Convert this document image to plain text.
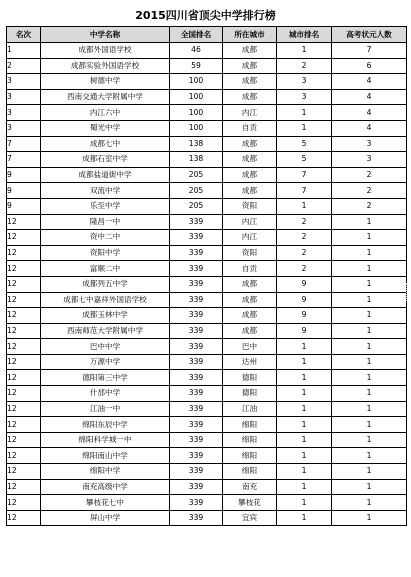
2015四川省顶尖中学排行榜
名次	中学名称	全国排名	所在城市	城市排名	高考状元人数
1	成都外国语学校	46	成都	1	7
2	成都实验外国语学校	59	成都	2	6
3	树德中学	100	成都	3	4
3	西南交通大学附属中学	100	成都	3	4
3	内江六中	100	内江	1	4
3	蜀光中学	100	自贡	1	4
7	成都七中	138	成都	5	3
7	成都石室中学	138	成都	5	3
9	成都盐道街中学	205	成都	7	2
9	双流中学	205	成都	7	2
9	乐至中学	205	资阳	1	2
12	隆昌一中	339	内江	2	1
12	资中二中	339	内江	2	1
12	资阳中学	339	资阳	2	1
12	富顺二中	339	自贡	2	1
12	成都列五中学	339	成都	9	1
12	成都七中嘉祥外国语学校	339	成都	9	1
12	成都玉林中学	339	成都	9	1
12	西南师范大学附属中学	339	成都	9	1
12	巴中中学	339	巴中	1	1
12	万源中学	339	达州	1	1
12	德阳第三中学	339	德阳	1	1
12	什邡中学	339	德阳	1	1
12	江油一中	339	江油	1	1
12	绵阳东辰中学	339	绵阳	1	1
12	绵阳科学城一中	339	绵阳	1	1
12	绵阳南山中学	339	绵阳	1	1
12	绵阳中学	339	绵阳	1	1
12	南充高级中学	339	南充	1	1
12	攀枝花七中	339	攀枝花	1	1
12	屏山中学	339	宜宾	1	1
